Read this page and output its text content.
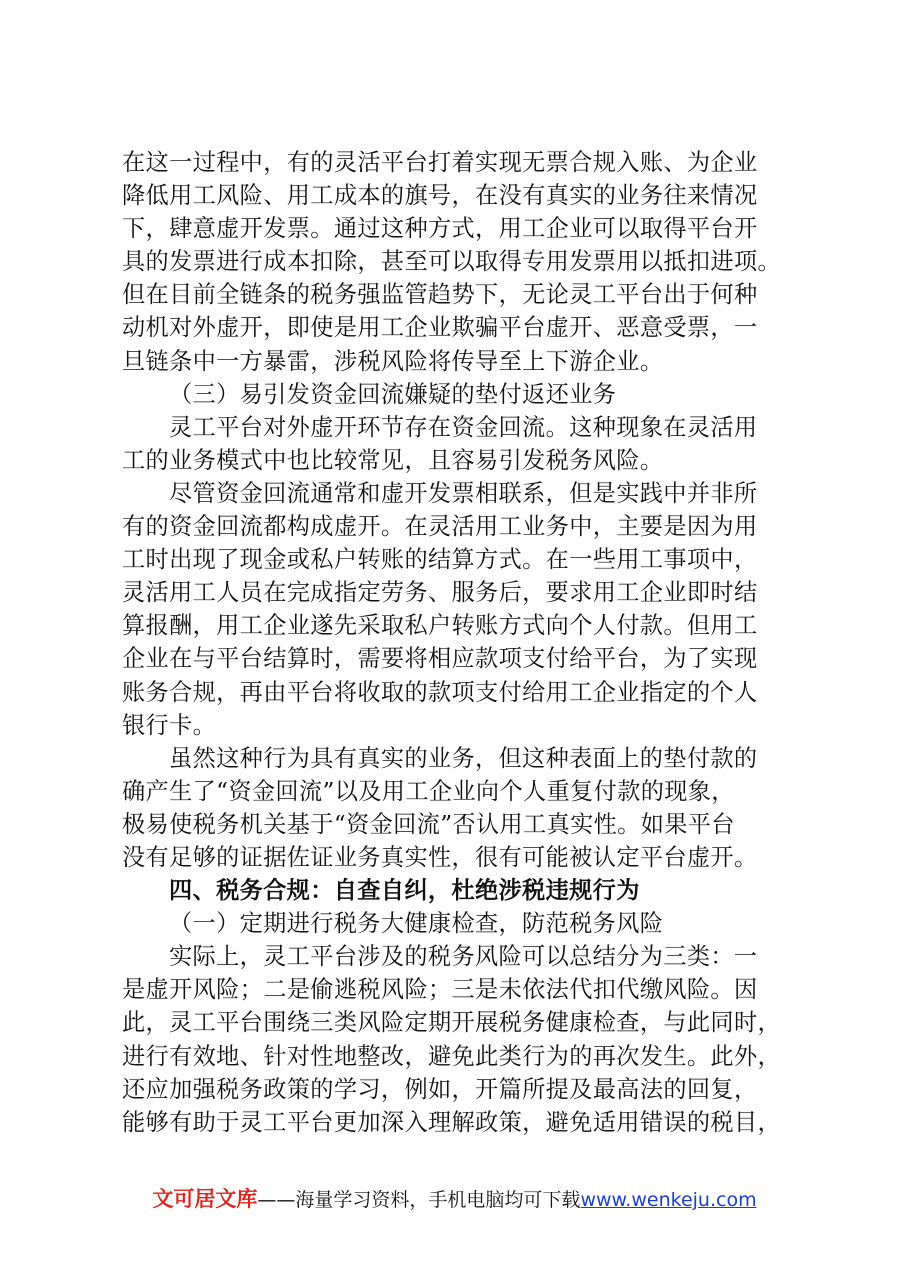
在这一过程中，有的灵活平台打着实现无票合规入账、为企业
降低用工风险、用工成本的旗号，在没有真实的业务往来情况
下，肆意虚开发票。通过这种方式，用工企业可以取得平台开
具的发票进行成本扣除，甚至可以取得专用发票用以抵扣进项。
但在目前全链条的税务强监管趋势下，无论灵工平台出于何种
动机对外虚开，即使是用工企业欺骗平台虚开、恶意受票，一
旦链条中一方暴雷，涉税风险将传导至上下游企业。
（三）易引发资金回流嫌疑的垫付返还业务
灵工平台对外虚开环节存在资金回流。这种现象在灵活用
工的业务模式中也比较常见，且容易引发税务风险。
尽管资金回流通常和虚开发票相联系，但是实践中并非所
有的资金回流都构成虚开。在灵活用工业务中，主要是因为用
工时出现了现金或私户转账的结算方式。在一些用工事项中，
灵活用工人员在完成指定劳务、服务后，要求用工企业即时结
算报酬，用工企业遂先采取私户转账方式向个人付款。但用工
企业在与平台结算时，需要将相应款项支付给平台，为了实现
账务合规，再由平台将收取的款项支付给用工企业指定的个人
银行卡。
虽然这种行为具有真实的业务，但这种表面上的垫付款的
确产生了“资金回流”以及用工企业向个人重复付款的现象，
极易使税务机关基于“资金回流”否认用工真实性。如果平台
没有足够的证据佐证业务真实性，很有可能被认定平台虚开。
四、税务合规：自查自纠，杜绝涉税违规行为
（一）定期进行税务大健康检查，防范税务风险
实际上，灵工平台涉及的税务风险可以总结分为三类：一
是虚开风险；二是偷逃税风险；三是未依法代扣代缴风险。因
此，灵工平台围绕三类风险定期开展税务健康检查，与此同时，
进行有效地、针对性地整改，避免此类行为的再次发生。此外，
还应加强税务政策的学习，例如，开篇所提及最高法的回复，
能够有助于灵工平台更加深入理解政策，避免适用错误的税目，
文可居文库——海量学习资料，手机电脑均可下载www.wenkeju.com
